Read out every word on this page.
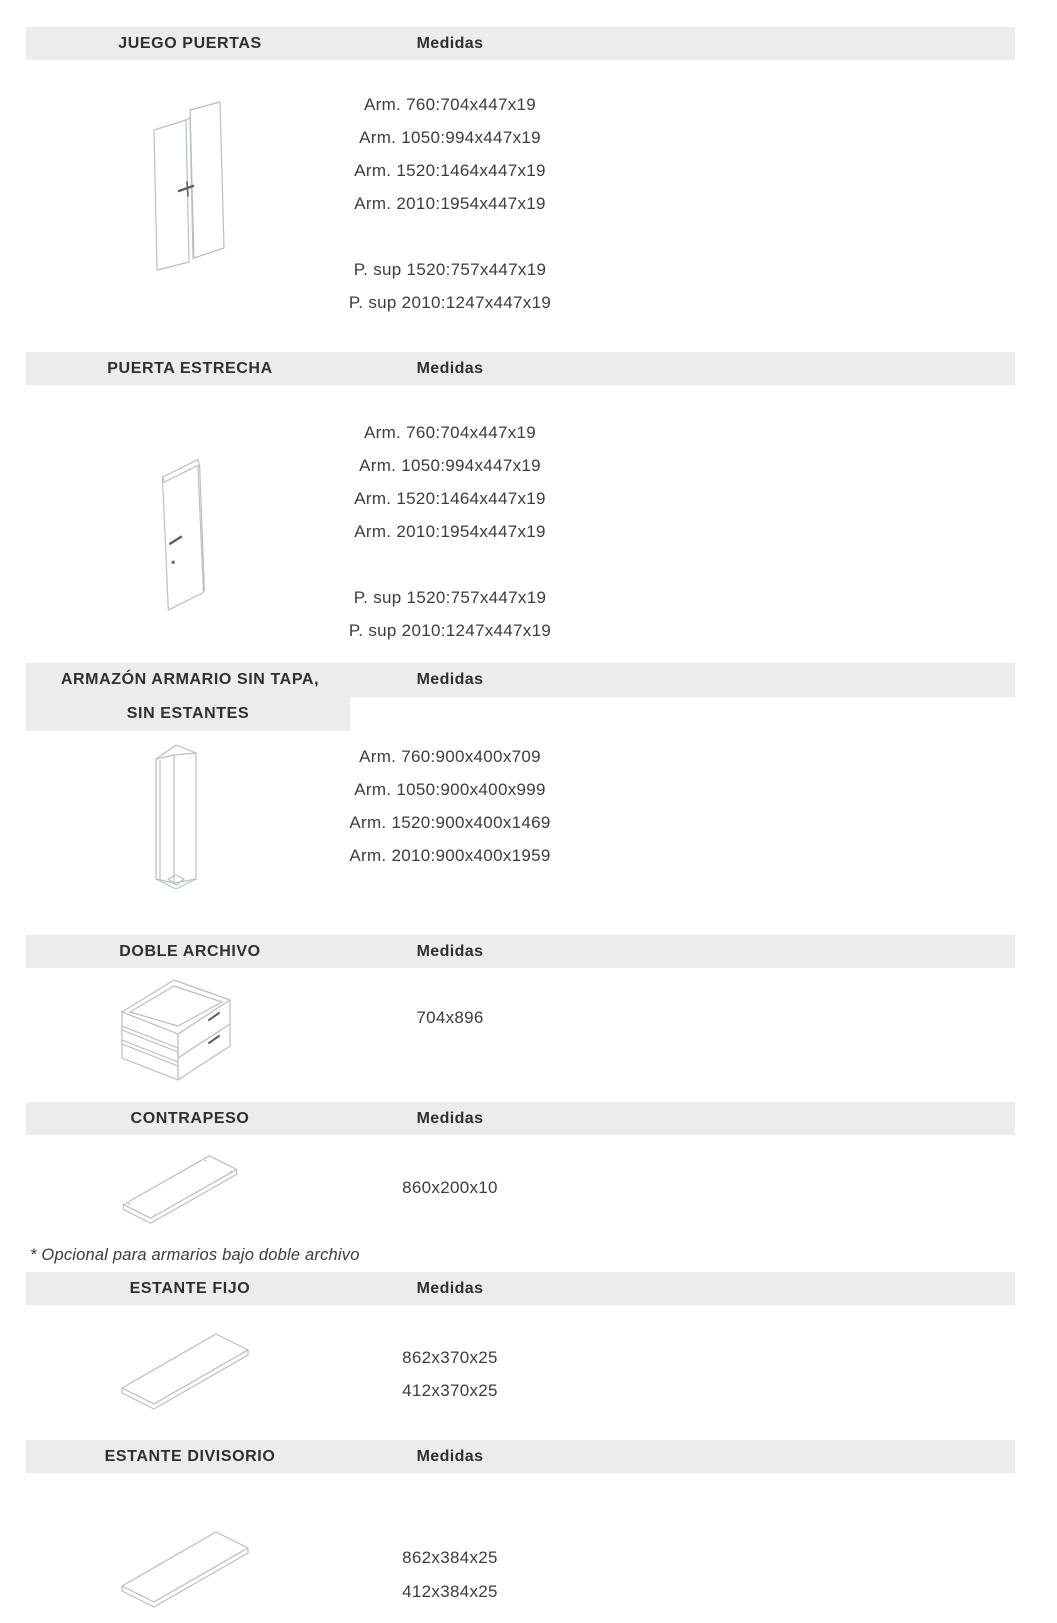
JUEGO PUERTAS	Medidas
Arm. 760:704x447x19
Arm. 1050:994x447x19
Arm. 1520:1464x447x19
Arm. 2010:1954x447x19
P. sup 1520:757x447x19
P. sup 2010:1247x447x19
PUERTA ESTRECHA	Medidas
Arm. 760:704x447x19
Arm. 1050:994x447x19
Arm. 1520:1464x447x19
Arm. 2010:1954x447x19
P. sup 1520:757x447x19
P. sup 2010:1247x447x19
ARMAZÓN ARMARIO SIN TAPA,	Medidas
SIN ESTANTES
Arm. 760:900x400x709
Arm. 1050:900x400x999
Arm. 1520:900x400x1469
Arm. 2010:900x400x1959
DOBLE ARCHIVO	Medidas
704x896
CONTRAPESO	Medidas
860x200x10
* Opcional para armarios bajo doble archivo
ESTANTE FIJO	Medidas
862x370x25
412x370x25
ESTANTE DIVISORIO	Medidas
862x384x25
412x384x25
